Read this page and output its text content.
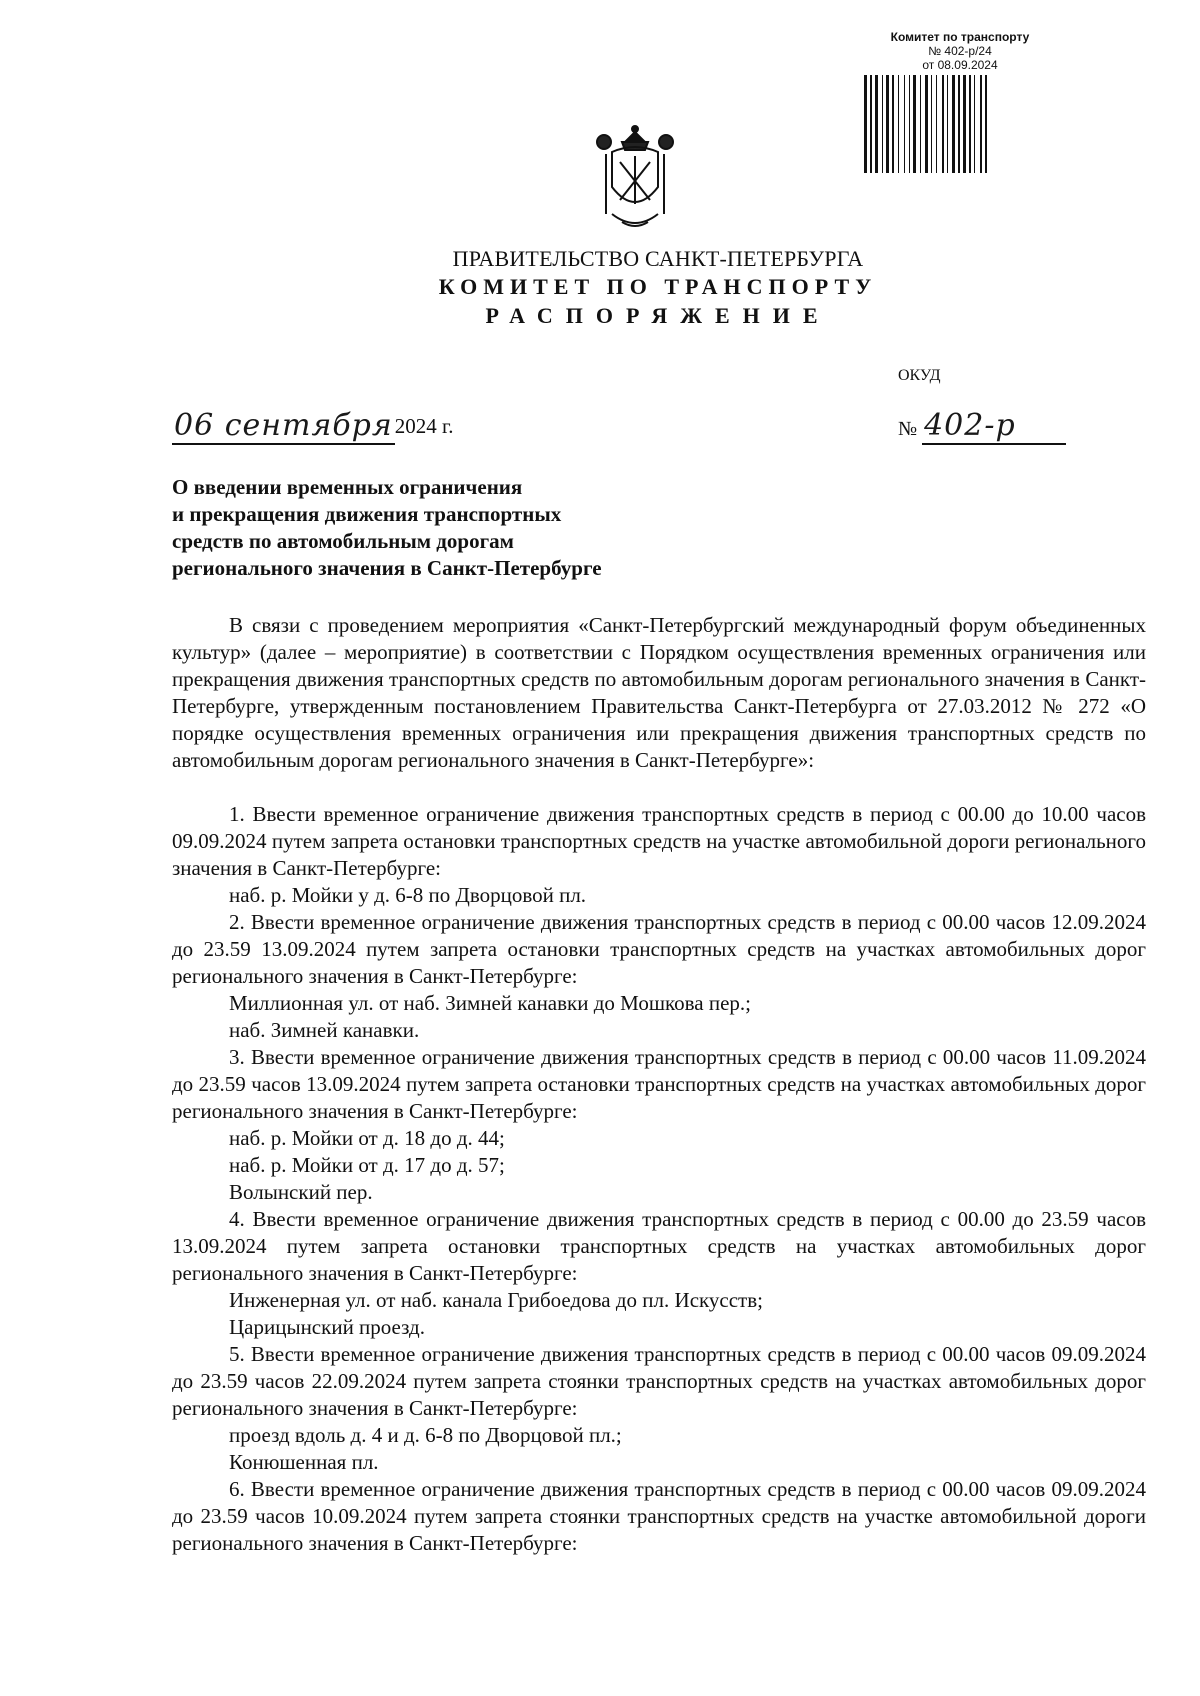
Комитет по транспорту
№ 402-р/24
от 08.09.2024
ПРАВИТЕЛЬСТВО САНКТ-ПЕТЕРБУРГА
КОМИТЕТ ПО ТРАНСПОРТУ
РАСПОРЯЖЕНИЕ
ОКУД
06 сентября2024 г.	№ 402-р
О введении временных ограничения
и прекращения движения транспортных
средств по автомобильным дорогам
регионального значения в Санкт-Петербурге

В связи с проведением мероприятия «Санкт-Петербургский международный форум объединенных культур» (далее – мероприятие) в соответствии с Порядком осуществления временных ограничения или прекращения движения транспортных средств по автомобильным дорогам регионального значения в Санкт-Петербурге, утвержденным постановлением Правительства Санкт-Петербурга от 27.03.2012 № 272 «О порядке осуществления временных ограничения или прекращения движения транспортных средств по автомобильным дорогам регионального значения в Санкт-Петербурге»:

1. Ввести временное ограничение движения транспортных средств в период с 00.00 до 10.00 часов 09.09.2024 путем запрета остановки транспортных средств на участке автомобильной дороги регионального значения в Санкт-Петербурге:

наб. р. Мойки у д. 6-8 по Дворцовой пл.

2. Ввести временное ограничение движения транспортных средств в период с 00.00 часов 12.09.2024 до 23.59 13.09.2024 путем запрета остановки транспортных средств на участках автомобильных дорог регионального значения в Санкт-Петербурге:

Миллионная ул. от наб. Зимней канавки до Мошкова пер.;

наб. Зимней канавки.

3. Ввести временное ограничение движения транспортных средств в период с 00.00 часов 11.09.2024 до 23.59 часов 13.09.2024 путем запрета остановки транспортных средств на участках автомобильных дорог регионального значения в Санкт-Петербурге:

наб. р. Мойки от д. 18 до д. 44;

наб. р. Мойки от д. 17 до д. 57;

Волынский пер.

4. Ввести временное ограничение движения транспортных средств в период с 00.00 до 23.59 часов 13.09.2024 путем запрета остановки транспортных средств на участках автомобильных дорог регионального значения в Санкт-Петербурге:

Инженерная ул. от наб. канала Грибоедова до пл. Искусств;

Царицынский проезд.

5. Ввести временное ограничение движения транспортных средств в период с 00.00 часов 09.09.2024 до 23.59 часов 22.09.2024 путем запрета стоянки транспортных средств на участках автомобильных дорог регионального значения в Санкт-Петербурге:

проезд вдоль д. 4 и д. 6-8 по Дворцовой пл.;

Конюшенная пл.

6. Ввести временное ограничение движения транспортных средств в период с 00.00 часов 09.09.2024 до 23.59 часов 10.09.2024 путем запрета стоянки транспортных средств на участке автомобильной дороги регионального значения в Санкт-Петербурге:
